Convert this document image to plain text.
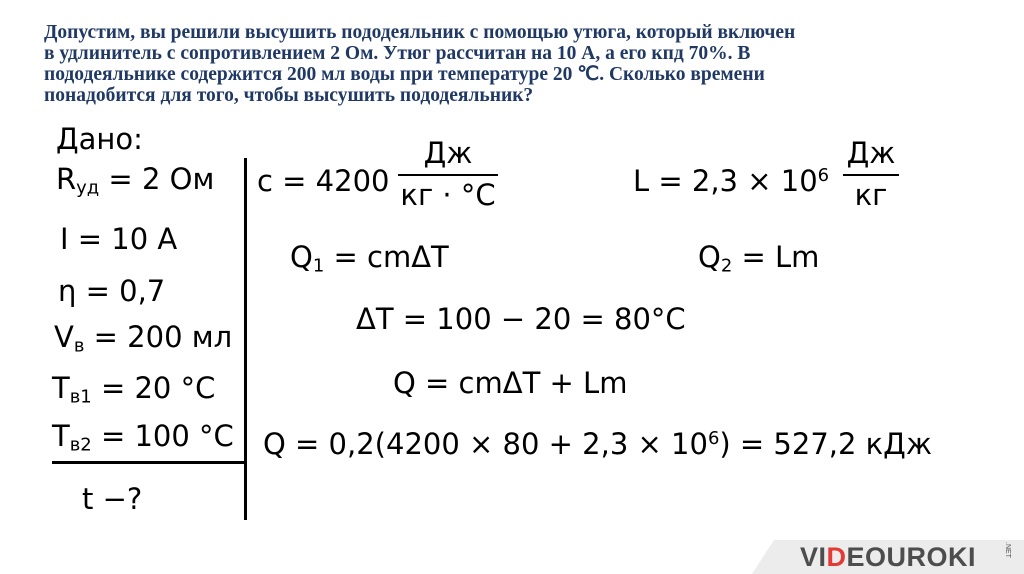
Допустим, вы решили высушить пододеяльник с помощью утюга, который включен
в удлинитель с сопротивлением 2 Ом. Утюг рассчитан на 10 А, а его кпд 70%. В
пододеяльнике содержится 200 мл воды при температуре 20 ℃. Сколько времени
понадобится для того, чтобы высушить пододеяльник?
Дано:
$R_{уд} = 2$ Ом
I = 10 A
η = 0,7
$V_в = 200$ мл
$T_{в1} = 20$ °C
$T_{в2} = 100$ °C
t −?
c = 4200
Дж
кг · °C	$L = 2,3 \times 10^6$
Дж
кг
$Q_1 = cm\Delta T$	$Q_2 = Lm$
ΔT = 100 − 20 = 80°C
Q = cmΔT + Lm
$Q = 0,2(4200 \times 80 + 2,3 \times 10^6) = 527,2$ кДж
VIDEOUROKI	.NET
